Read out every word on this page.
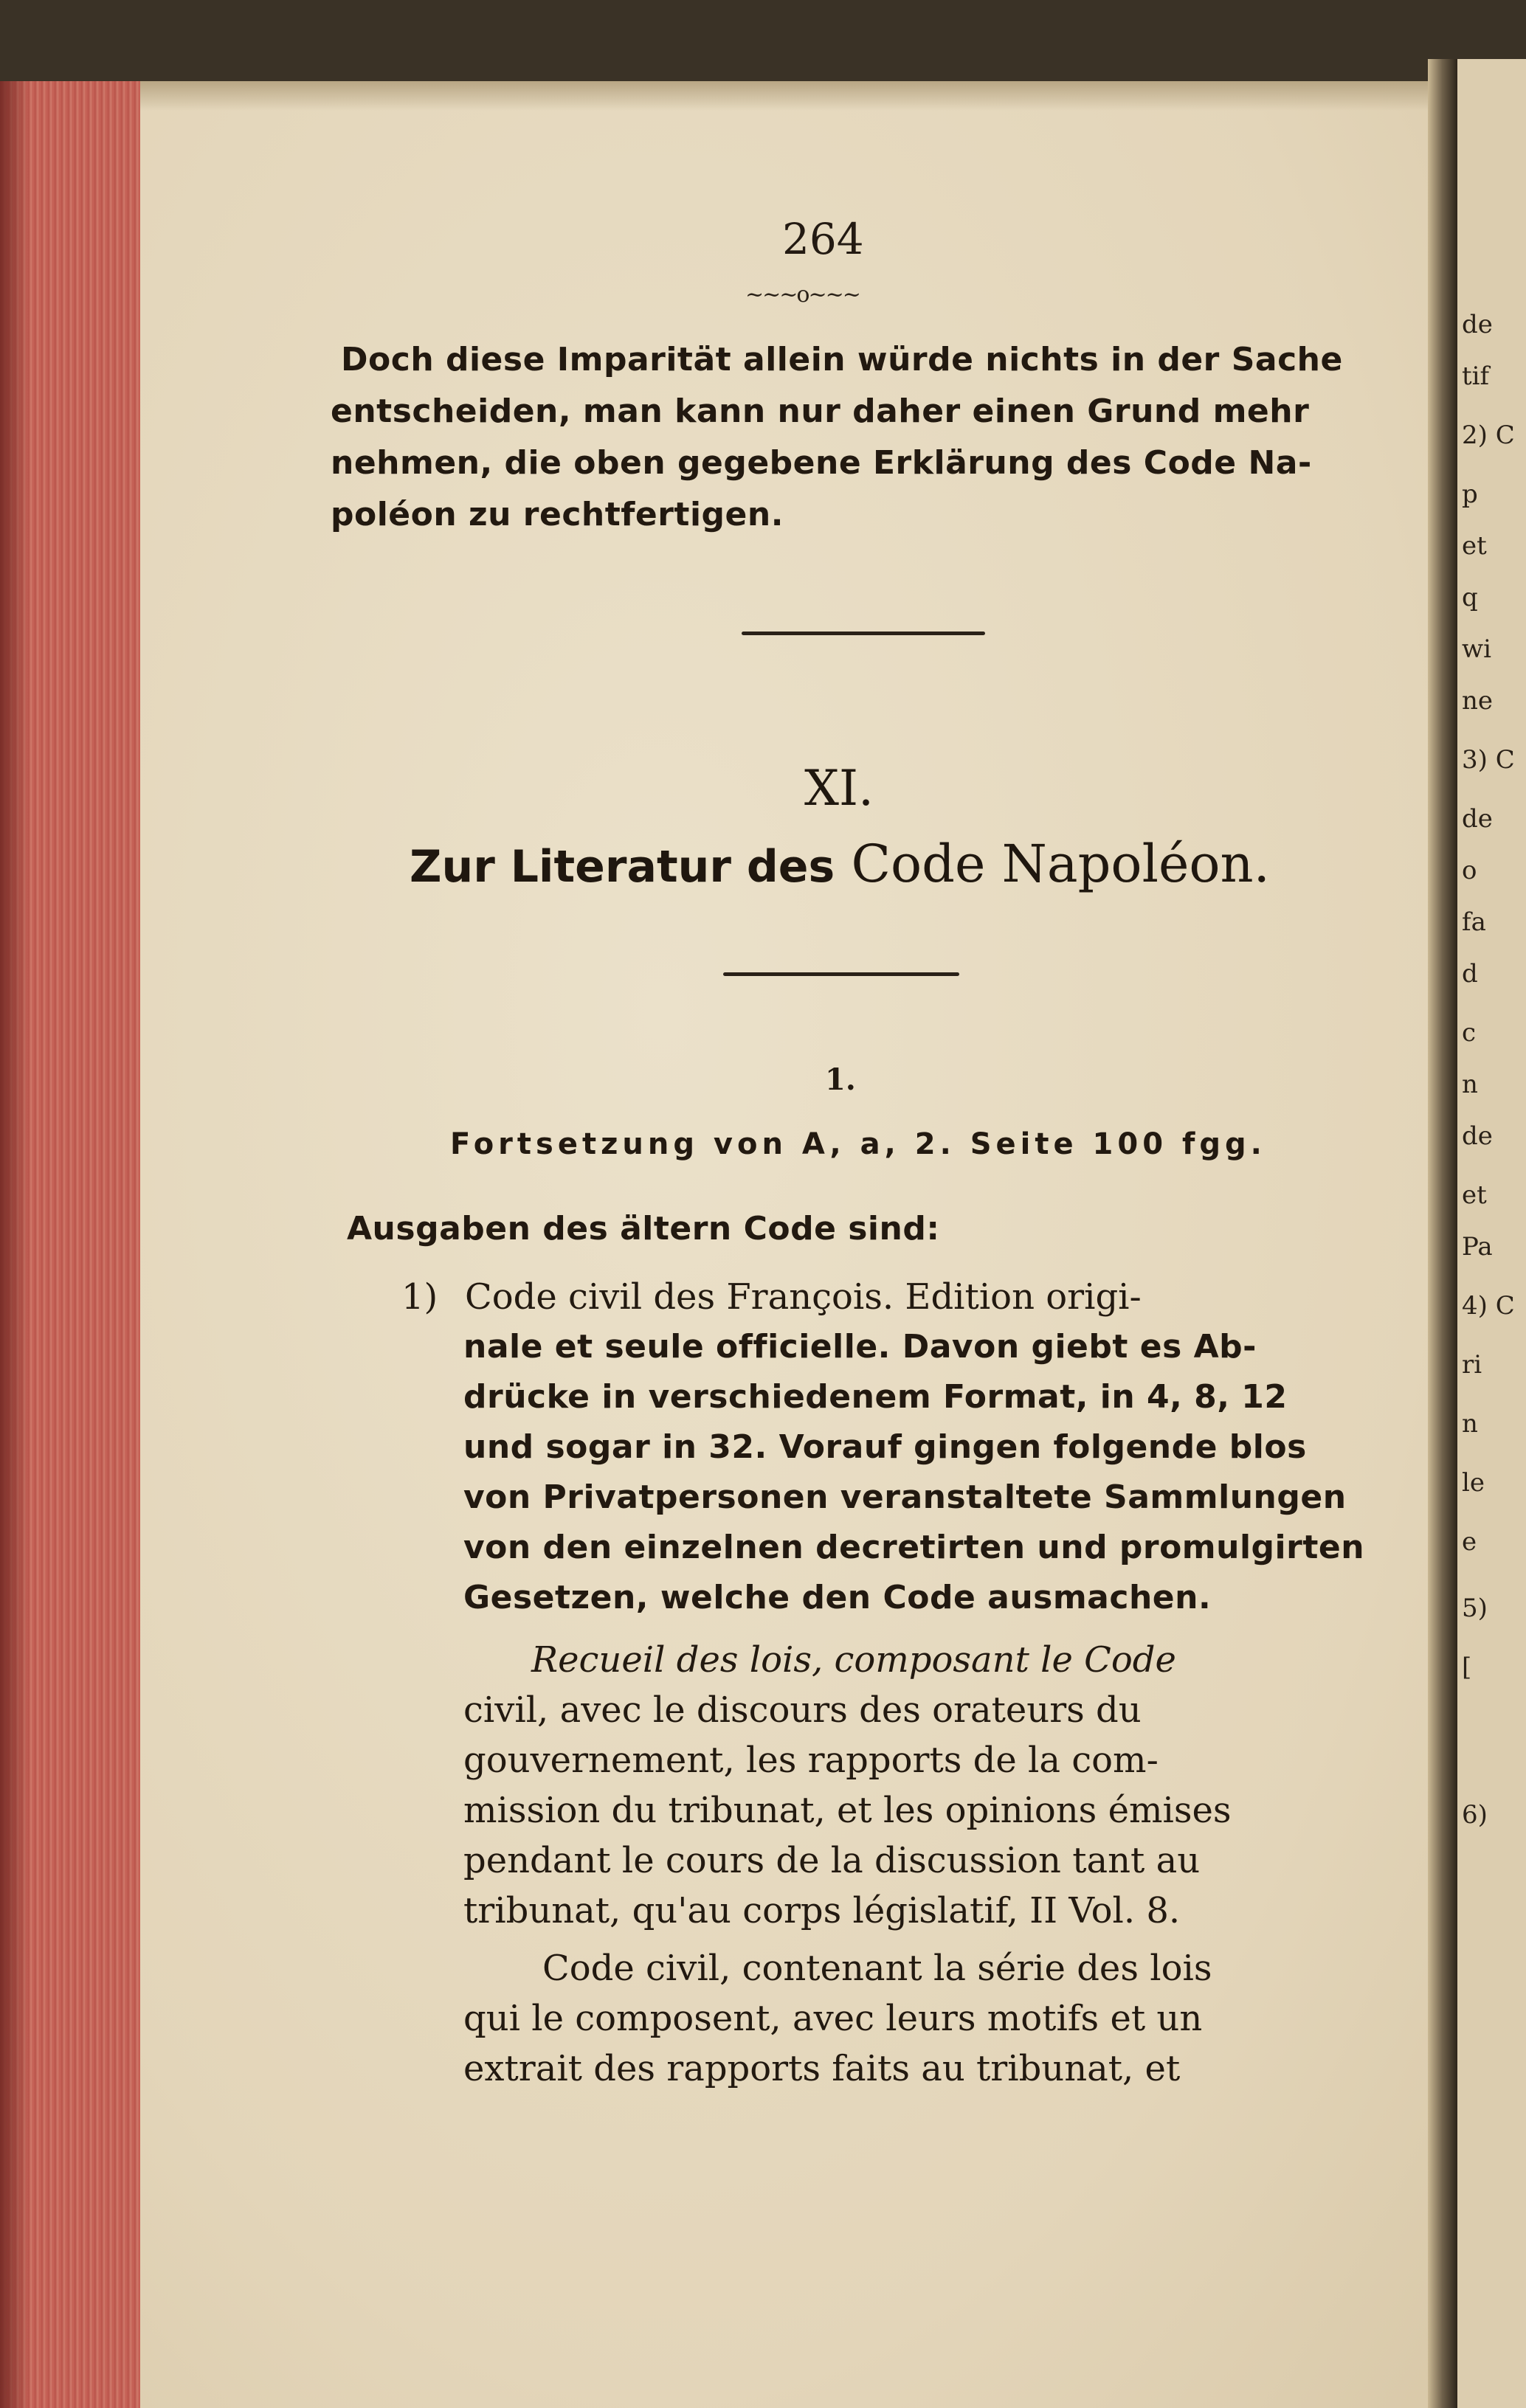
de
tif
2) C
p
et
q
wi
ne
3) C
de
o
fa
d
c
n
de
et
Pa
4) C
ri
n
le
e
5)
[
6)
264
~~~o~~~
Doch diese Imparität allein würde nichts in der Sache
entscheiden, man kann nur daher einen Grund mehr
nehmen, die oben gegebene Erklärung des Code Na-
poléon zu rechtfertigen.
XI.
Zur Literatur des Code Napoléon.
1.
Fortsetzung von A, a, 2. Seite 100 fgg.
Ausgaben des ältern Code sind:
1) Code civil des François. Edition origi-
nale et seule officielle. Davon giebt es Ab-
drücke in verschiedenem Format, in 4, 8, 12
und sogar in 32. Vorauf gingen folgende blos
von Privatpersonen veranstaltete Sammlungen
von den einzelnen decretirten und promulgirten
Gesetzen, welche den Code ausmachen.
Recueil des lois, composant le Code
civil, avec le discours des orateurs du
gouvernement, les rapports de la com-
mission du tribunat, et les opinions émises
pendant le cours de la discussion tant au
tribunat, qu'au corps législatif, II Vol. 8.
Code civil, contenant la série des lois
qui le composent, avec leurs motifs et un
extrait des rapports faits au tribunat, et
